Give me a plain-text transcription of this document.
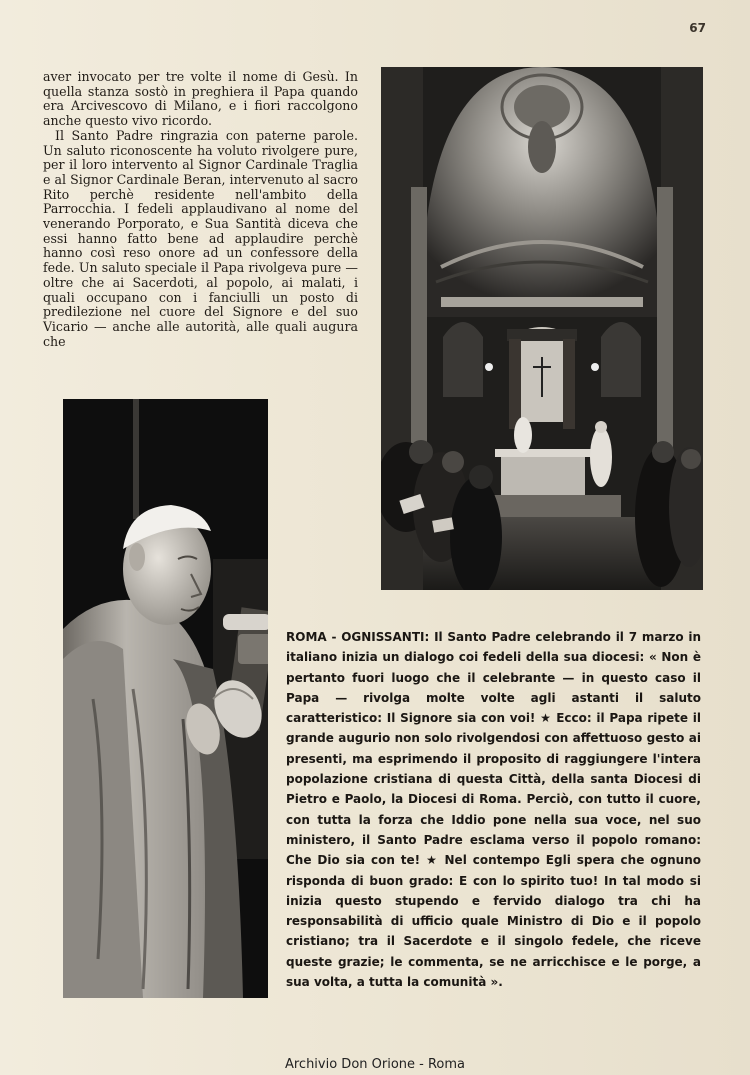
67

aver invocato per tre volte il nome di Gesù. In quella stanza sostò in preghiera il Papa quando era Arcivescovo di Milano, e i fiori raccolgono anche questo vivo ricordo.

Il Santo Padre ringrazia con paterne parole. Un saluto riconoscente ha voluto rivolgere pure, per il loro intervento al Signor Cardinale Traglia e al Signor Cardinale Beran, intervenuto al sacro Rito perchè residente nell'ambito della Parrocchia. I fedeli applaudivano al nome del venerando Porporato, e Sua Santità diceva che essi hanno fatto bene ad applaudire perchè hanno così reso onore ad un confessore della fede. Un saluto speciale il Papa rivolgeva pure — oltre che ai Sacerdoti, al popolo, ai malati, i quali occupano con i fanciulli un posto di predilezione nel cuore del Signore e del suo Vicario — anche alle autorità, alle quali augura che

ROMA - OGNISSANTI: Il Santo Padre celebrando il 7 marzo in italiano inizia un dialogo coi fedeli della sua diocesi: « Non è pertanto fuori luogo che il celebrante — in questo caso il Papa — rivolga molte volte agli astanti il saluto caratteristico: Il Signore sia con voi! ★ Ecco: il Papa ripete il grande augurio non solo rivolgendosi con affettuoso gesto ai presenti, ma esprimendo il proposito di raggiungere l'intera popolazione cristiana di questa Città, della santa Diocesi di Pietro e Paolo, la Diocesi di Roma. Perciò, con tutto il cuore, con tutta la forza che Iddio pone nella sua voce, nel suo ministero, il Santo Padre esclama verso il popolo romano: Che Dio sia con te! ★ Nel contempo Egli spera che ognuno risponda di buon grado: E con lo spirito tuo! In tal modo si inizia questo stupendo e fervido dialogo tra chi ha responsabilità di ufficio quale Ministro di Dio e il popolo cristiano; tra il Sacerdote e il singolo fedele, che riceve queste grazie; le commenta, se ne arricchisce e le porge, a sua volta, a tutta la comunità ».
Archivio Don Orione - Roma
